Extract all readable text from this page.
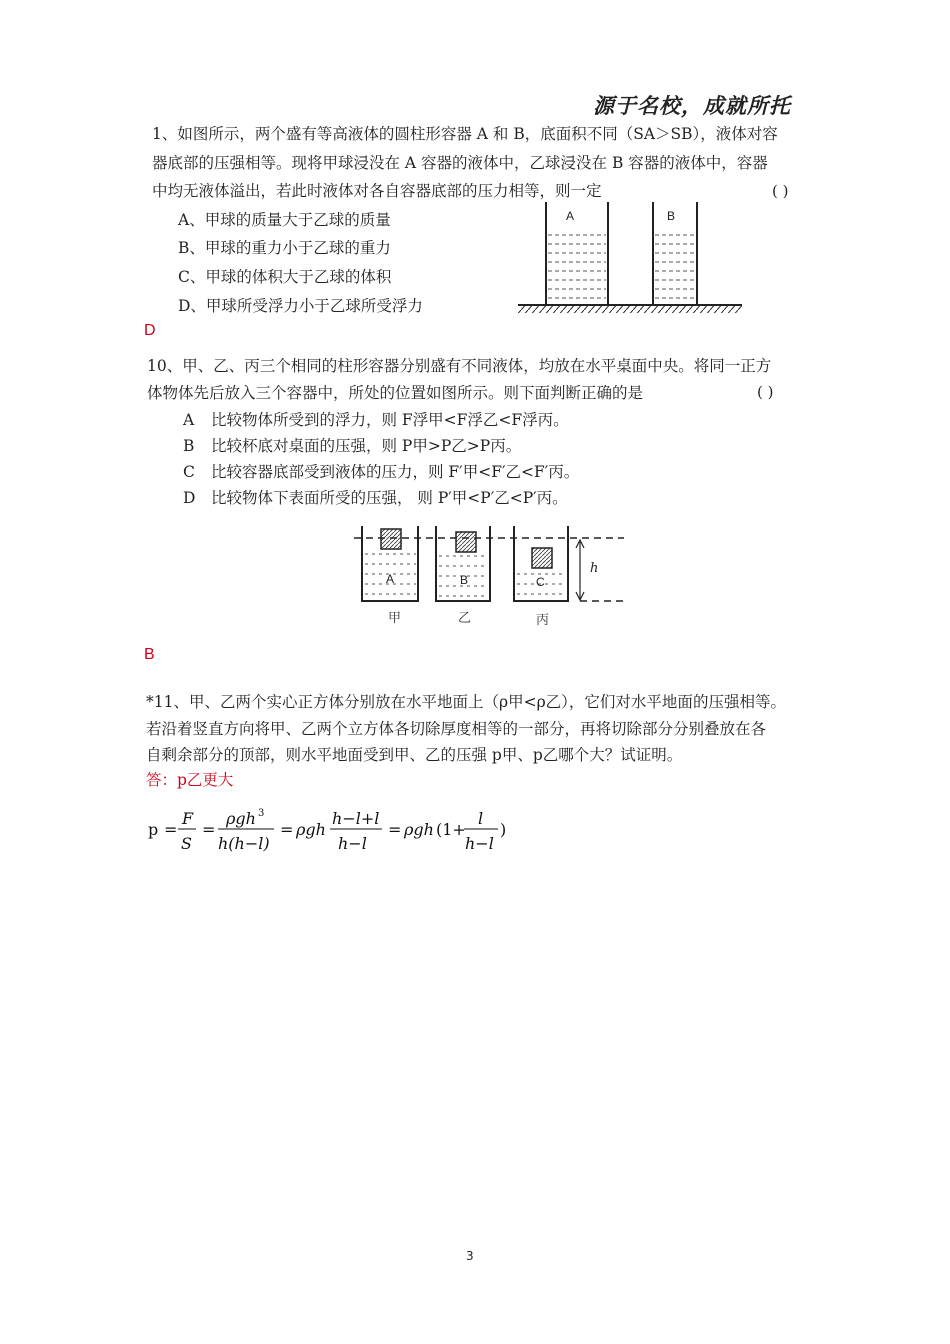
源于名校，成就所托
1、如图所示，两个盛有等高液体的圆柱形容器 A 和 B，底面积不同（SA＞SB），液体对容
器底部的压强相等。现将甲球浸没在 A 容器的液体中，乙球浸没在 B 容器的液体中，容器
中均无液体溢出，若此时液体对各自容器底部的压力相等，则一定	( )
A、甲球的质量大于乙球的质量
B、甲球的重力小于乙球的重力
C、甲球的体积大于乙球的体积
D、甲球所受浮力小于乙球所受浮力
A	B
D
10、甲、乙、丙三个相同的柱形容器分别盛有不同液体，均放在水平桌面中央。将同一正方
体物体先后放入三个容器中，所处的位置如图所示。则下面判断正确的是	( )
A 比较物体所受到的浮力，则 F浮甲<F浮乙<F浮丙。
B 比较杯底对桌面的压强，则 P甲>P乙>P丙。
C 比较容器底部受到液体的压力，则 F′甲<F′乙<F′丙。
D 比较物体下表面所受的压强， 则 P′甲<P′乙<P′丙。
A	B	C
h
甲	乙	丙
B
*11、甲、乙两个实心正方体分别放在水平地面上（ρ甲<ρ乙），它们对水平地面的压强相等。
若沿着竖直方向将甲、乙两个立方体各切除厚度相等的一部分，再将切除部分分别叠放在各
自剩余部分的顶部，则水平地面受到甲、乙的压强 p甲、p乙哪个大？试证明。
答：p乙更大
p =
F
S
=
ρgh 3
h(h−l)
= ρgh
h−l+l
h−l
= ρgh (1+
l
h−l
)
3
